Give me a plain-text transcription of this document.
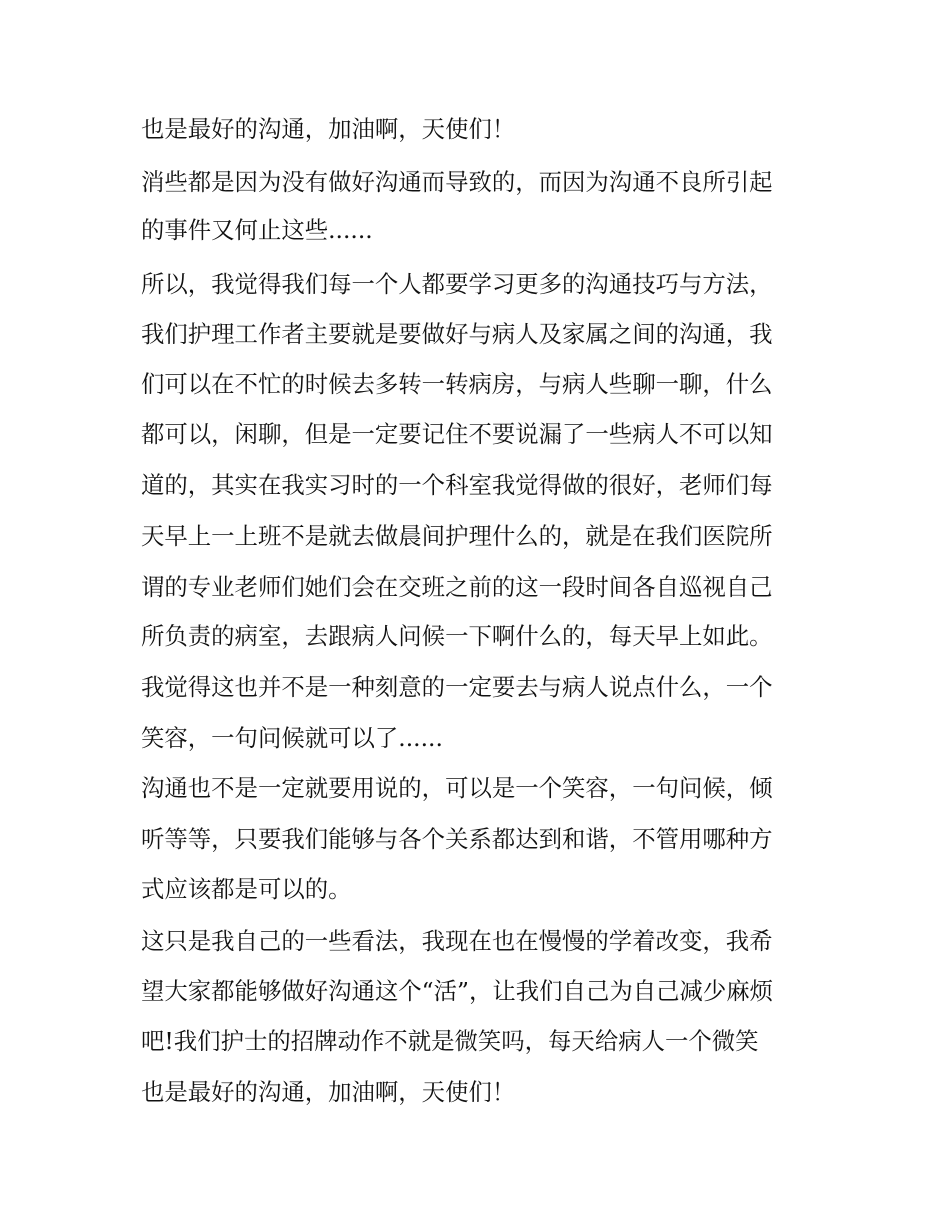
也是最好的沟通，加油啊，天使们！
消些都是因为没有做好沟通而导致的，而因为沟通不良所引起
的事件又何止这些......
所以，我觉得我们每一个人都要学习更多的沟通技巧与方法，
我们护理工作者主要就是要做好与病人及家属之间的沟通，我
们可以在不忙的时候去多转一转病房，与病人些聊一聊，什么
都可以，闲聊，但是一定要记住不要说漏了一些病人不可以知
道的，其实在我实习时的一个科室我觉得做的很好，老师们每
天早上一上班不是就去做晨间护理什么的，就是在我们医院所
谓的专业老师们她们会在交班之前的这一段时间各自巡视自己
所负责的病室，去跟病人问候一下啊什么的，每天早上如此。
我觉得这也并不是一种刻意的一定要去与病人说点什么，一个
笑容，一句问候就可以了......
沟通也不是一定就要用说的，可以是一个笑容，一句问候，倾
听等等，只要我们能够与各个关系都达到和谐，不管用哪种方
式应该都是可以的。
这只是我自己的一些看法，我现在也在慢慢的学着改变，我希
望大家都能够做好沟通这个“活”，让我们自己为自己减少麻烦
吧!我们护士的招牌动作不就是微笑吗，每天给病人一个微笑
也是最好的沟通，加油啊，天使们！
